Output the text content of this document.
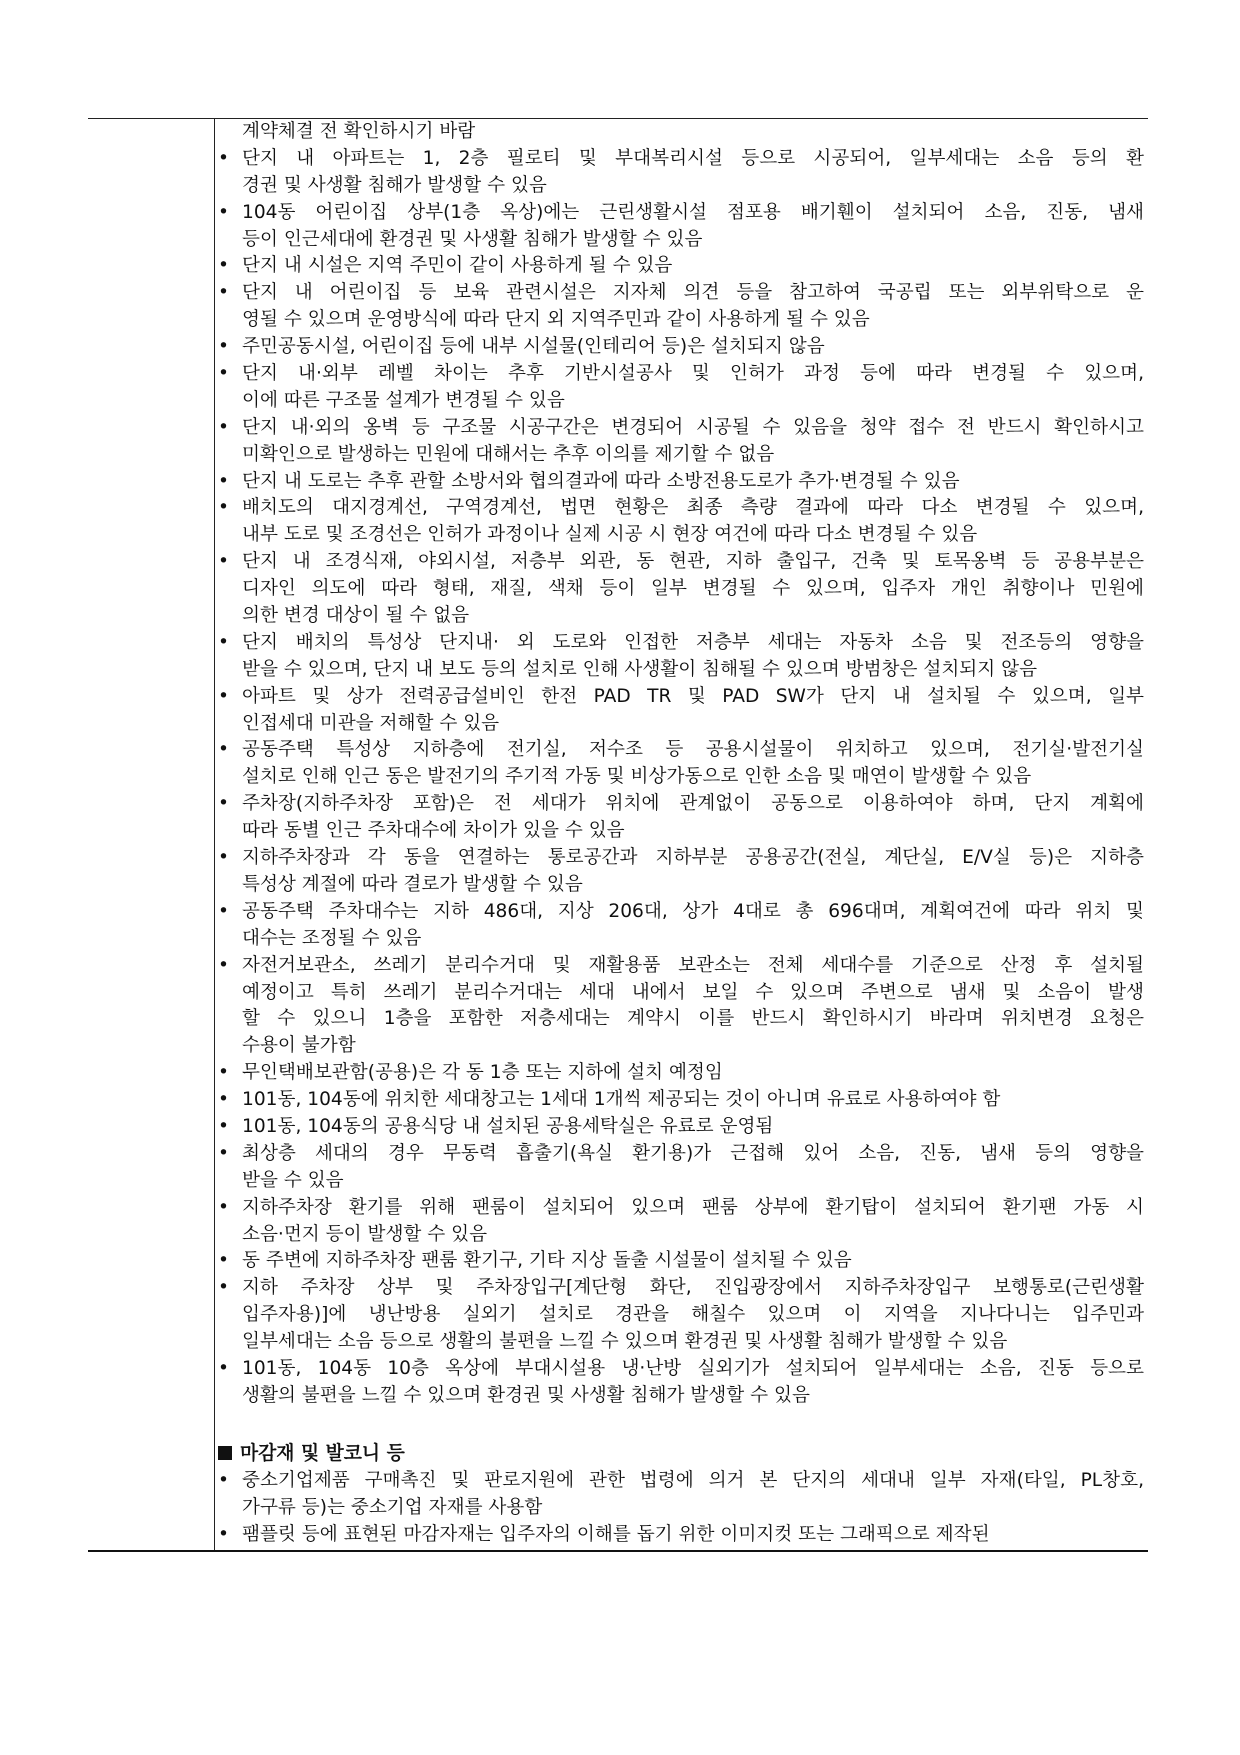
계약체결 전 확인하시기 바람
• 단지 내 아파트는 1, 2층 필로티 및 부대복리시설 등으로 시공되어, 일부세대는 소음 등의 환
경권 및 사생활 침해가 발생할 수 있음
• 104동 어린이집 상부(1층 옥상)에는 근린생활시설 점포용 배기휀이 설치되어 소음, 진동, 냄새
등이 인근세대에 환경권 및 사생활 침해가 발생할 수 있음
• 단지 내 시설은 지역 주민이 같이 사용하게 될 수 있음
• 단지 내 어린이집 등 보육 관련시설은 지자체 의견 등을 참고하여 국공립 또는 외부위탁으로 운
영될 수 있으며 운영방식에 따라 단지 외 지역주민과 같이 사용하게 될 수 있음
• 주민공동시설, 어린이집 등에 내부 시설물(인테리어 등)은 설치되지 않음
• 단지 내·외부 레벨 차이는 추후 기반시설공사 및 인허가 과정 등에 따라 변경될 수 있으며,
이에 따른 구조물 설계가 변경될 수 있음
• 단지 내·외의 옹벽 등 구조물 시공구간은 변경되어 시공될 수 있음을 청약 접수 전 반드시 확인하시고
미확인으로 발생하는 민원에 대해서는 추후 이의를 제기할 수 없음
• 단지 내 도로는 추후 관할 소방서와 협의결과에 따라 소방전용도로가 추가·변경될 수 있음
• 배치도의 대지경계선, 구역경계선, 법면 현황은 최종 측량 결과에 따라 다소 변경될 수 있으며,
내부 도로 및 조경선은 인허가 과정이나 실제 시공 시 현장 여건에 따라 다소 변경될 수 있음
• 단지 내 조경식재, 야외시설, 저층부 외관, 동 현관, 지하 출입구, 건축 및 토목옹벽 등 공용부분은
디자인 의도에 따라 형태, 재질, 색채 등이 일부 변경될 수 있으며, 입주자 개인 취향이나 민원에
의한 변경 대상이 될 수 없음
• 단지 배치의 특성상 단지내· 외 도로와 인접한 저층부 세대는 자동차 소음 및 전조등의 영향을
받을 수 있으며, 단지 내 보도 등의 설치로 인해 사생활이 침해될 수 있으며 방범창은 설치되지 않음
• 아파트 및 상가 전력공급설비인 한전 PAD TR 및 PAD SW가 단지 내 설치될 수 있으며, 일부
인접세대 미관을 저해할 수 있음
• 공동주택 특성상 지하층에 전기실, 저수조 등 공용시설물이 위치하고 있으며, 전기실·발전기실
설치로 인해 인근 동은 발전기의 주기적 가동 및 비상가동으로 인한 소음 및 매연이 발생할 수 있음
• 주차장(지하주차장 포함)은 전 세대가 위치에 관계없이 공동으로 이용하여야 하며, 단지 계획에
따라 동별 인근 주차대수에 차이가 있을 수 있음
• 지하주차장과 각 동을 연결하는 통로공간과 지하부분 공용공간(전실, 계단실, E/V실 등)은 지하층
특성상 계절에 따라 결로가 발생할 수 있음
• 공동주택 주차대수는 지하 486대, 지상 206대, 상가 4대로 총 696대며, 계획여건에 따라 위치 및
대수는 조정될 수 있음
• 자전거보관소, 쓰레기 분리수거대 및 재활용품 보관소는 전체 세대수를 기준으로 산정 후 설치될
예정이고 특히 쓰레기 분리수거대는 세대 내에서 보일 수 있으며 주변으로 냄새 및 소음이 발생
할 수 있으니 1층을 포함한 저층세대는 계약시 이를 반드시 확인하시기 바라며 위치변경 요청은
수용이 불가함
• 무인택배보관함(공용)은 각 동 1층 또는 지하에 설치 예정임
• 101동, 104동에 위치한 세대창고는 1세대 1개씩 제공되는 것이 아니며 유료로 사용하여야 함
• 101동, 104동의 공용식당 내 설치된 공용세탁실은 유료로 운영됨
• 최상층 세대의 경우 무동력 흡출기(욕실 환기용)가 근접해 있어 소음, 진동, 냄새 등의 영향을
받을 수 있음
• 지하주차장 환기를 위해 팬룸이 설치되어 있으며 팬룸 상부에 환기탑이 설치되어 환기팬 가동 시
소음·먼지 등이 발생할 수 있음
• 동 주변에 지하주차장 팬룸 환기구, 기타 지상 돌출 시설물이 설치될 수 있음
• 지하 주차장 상부 및 주차장입구[계단형 화단, 진입광장에서 지하주차장입구 보행통로(근린생활
입주자용)]에 냉난방용 실외기 설치로 경관을 해칠수 있으며 이 지역을 지나다니는 입주민과
일부세대는 소음 등으로 생활의 불편을 느낄 수 있으며 환경권 및 사생활 침해가 발생할 수 있음
• 101동, 104동 10층 옥상에 부대시설용 냉·난방 실외기가 설치되어 일부세대는 소음, 진동 등으로
생활의 불편을 느낄 수 있으며 환경권 및 사생활 침해가 발생할 수 있음
마감재 및 발코니 등
• 중소기업제품 구매촉진 및 판로지원에 관한 법령에 의거 본 단지의 세대내 일부 자재(타일, PL창호,
가구류 등)는 중소기업 자재를 사용함
• 팸플릿 등에 표현된 마감자재는 입주자의 이해를 돕기 위한 이미지컷 또는 그래픽으로 제작된
